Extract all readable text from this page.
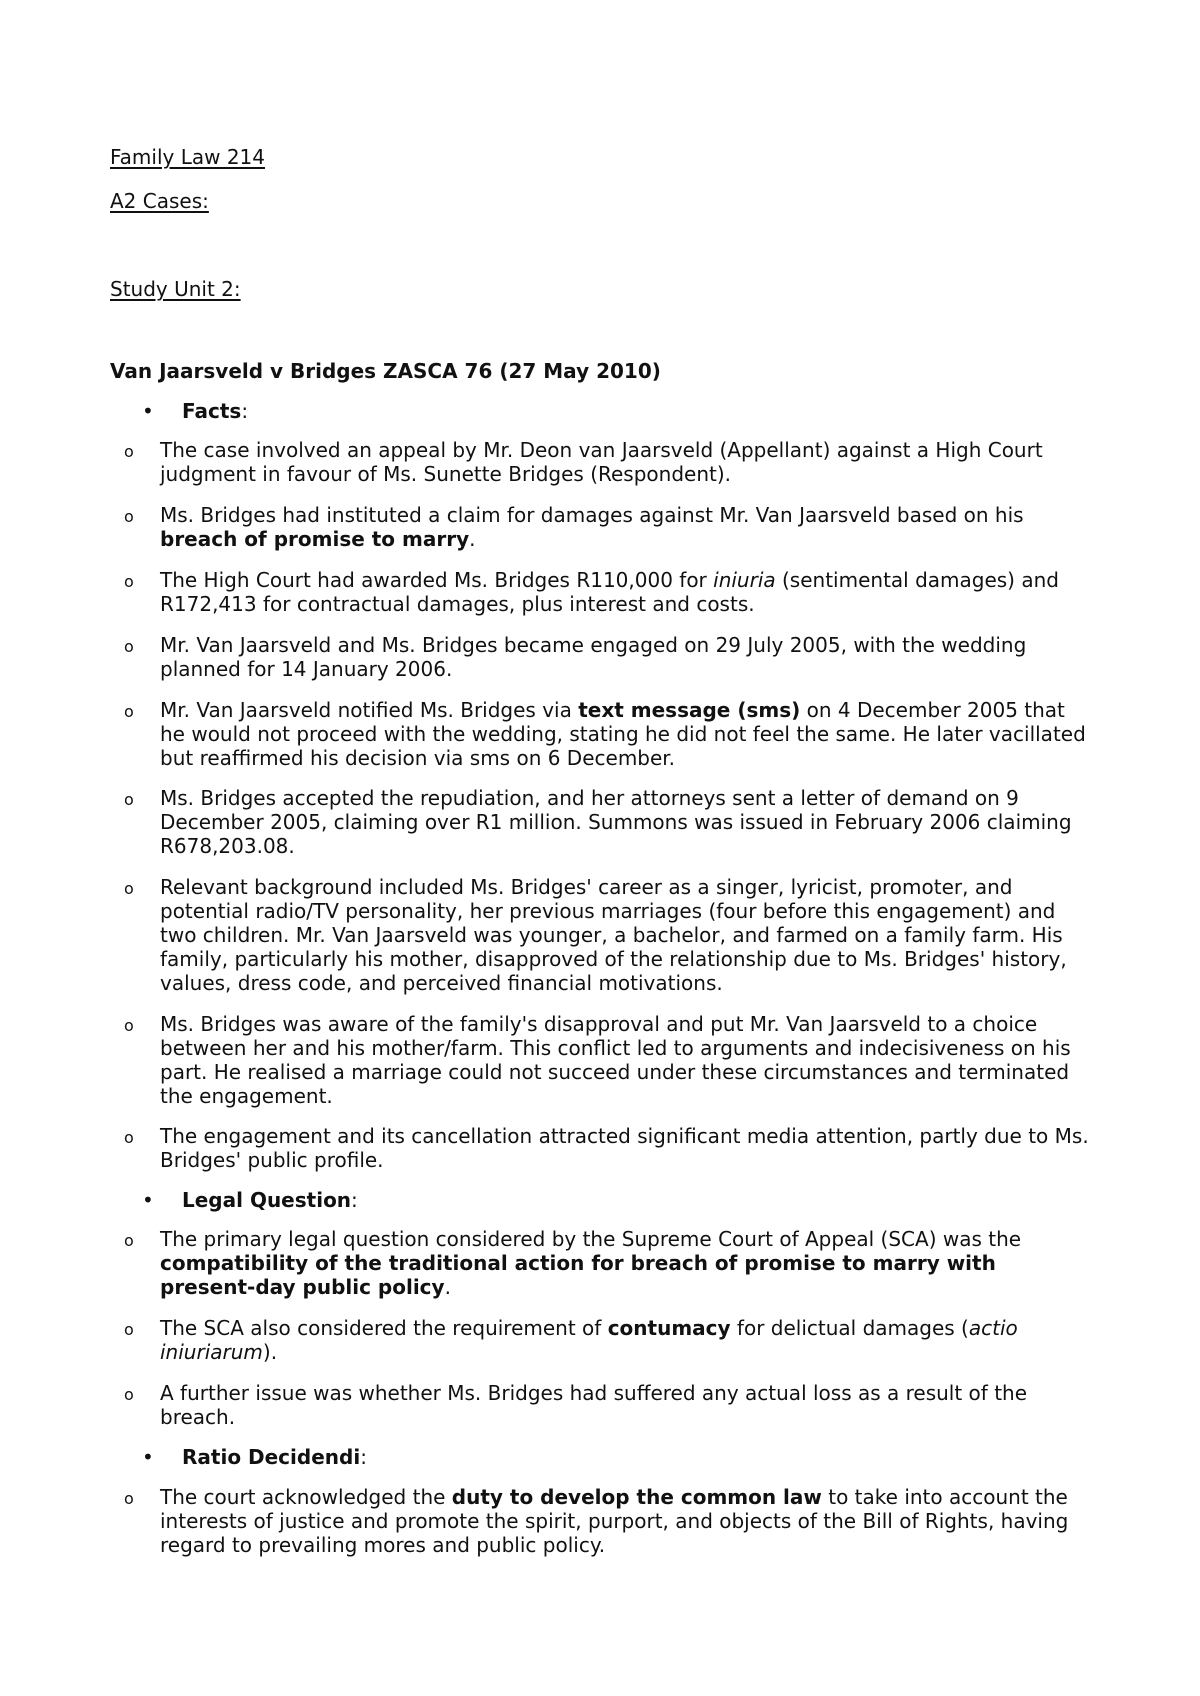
Family Law 214
A2 Cases:
Study Unit 2:
Van Jaarsveld v Bridges ZASCA 76 (27 May 2010)
• Facts:
o The case involved an appeal by Mr. Deon van Jaarsveld (Appellant) against a High Court judgment in favour of Ms. Sunette Bridges (Respondent).
o Ms. Bridges had instituted a claim for damages against Mr. Van Jaarsveld based on his breach of promise to marry.
o The High Court had awarded Ms. Bridges R110,000 for iniuria (sentimental damages) and R172,413 for contractual damages, plus interest and costs.
o Mr. Van Jaarsveld and Ms. Bridges became engaged on 29 July 2005, with the wedding planned for 14 January 2006.
o Mr. Van Jaarsveld notified Ms. Bridges via text message (sms) on 4 December 2005 that he would not proceed with the wedding, stating he did not feel the same. He later vacillated but reaffirmed his decision via sms on 6 December.
o Ms. Bridges accepted the repudiation, and her attorneys sent a letter of demand on 9 December 2005, claiming over R1 million. Summons was issued in February 2006 claiming R678,203.08.
o Relevant background included Ms. Bridges' career as a singer, lyricist, promoter, and potential radio/TV personality, her previous marriages (four before this engagement) and two children. Mr. Van Jaarsveld was younger, a bachelor, and farmed on a family farm. His family, particularly his mother, disapproved of the relationship due to Ms. Bridges' history, values, dress code, and perceived financial motivations.
o Ms. Bridges was aware of the family's disapproval and put Mr. Van Jaarsveld to a choice between her and his mother/farm. This conflict led to arguments and indecisiveness on his part. He realised a marriage could not succeed under these circumstances and terminated the engagement.
o The engagement and its cancellation attracted significant media attention, partly due to Ms. Bridges' public profile.
• Legal Question:
o The primary legal question considered by the Supreme Court of Appeal (SCA) was the compatibility of the traditional action for breach of promise to marry with present-day public policy.
o The SCA also considered the requirement of contumacy for delictual damages (actio iniuriarum).
o A further issue was whether Ms. Bridges had suffered any actual loss as a result of the breach.
• Ratio Decidendi:
o The court acknowledged the duty to develop the common law to take into account the interests of justice and promote the spirit, purport, and objects of the Bill of Rights, having regard to prevailing mores and public policy.
